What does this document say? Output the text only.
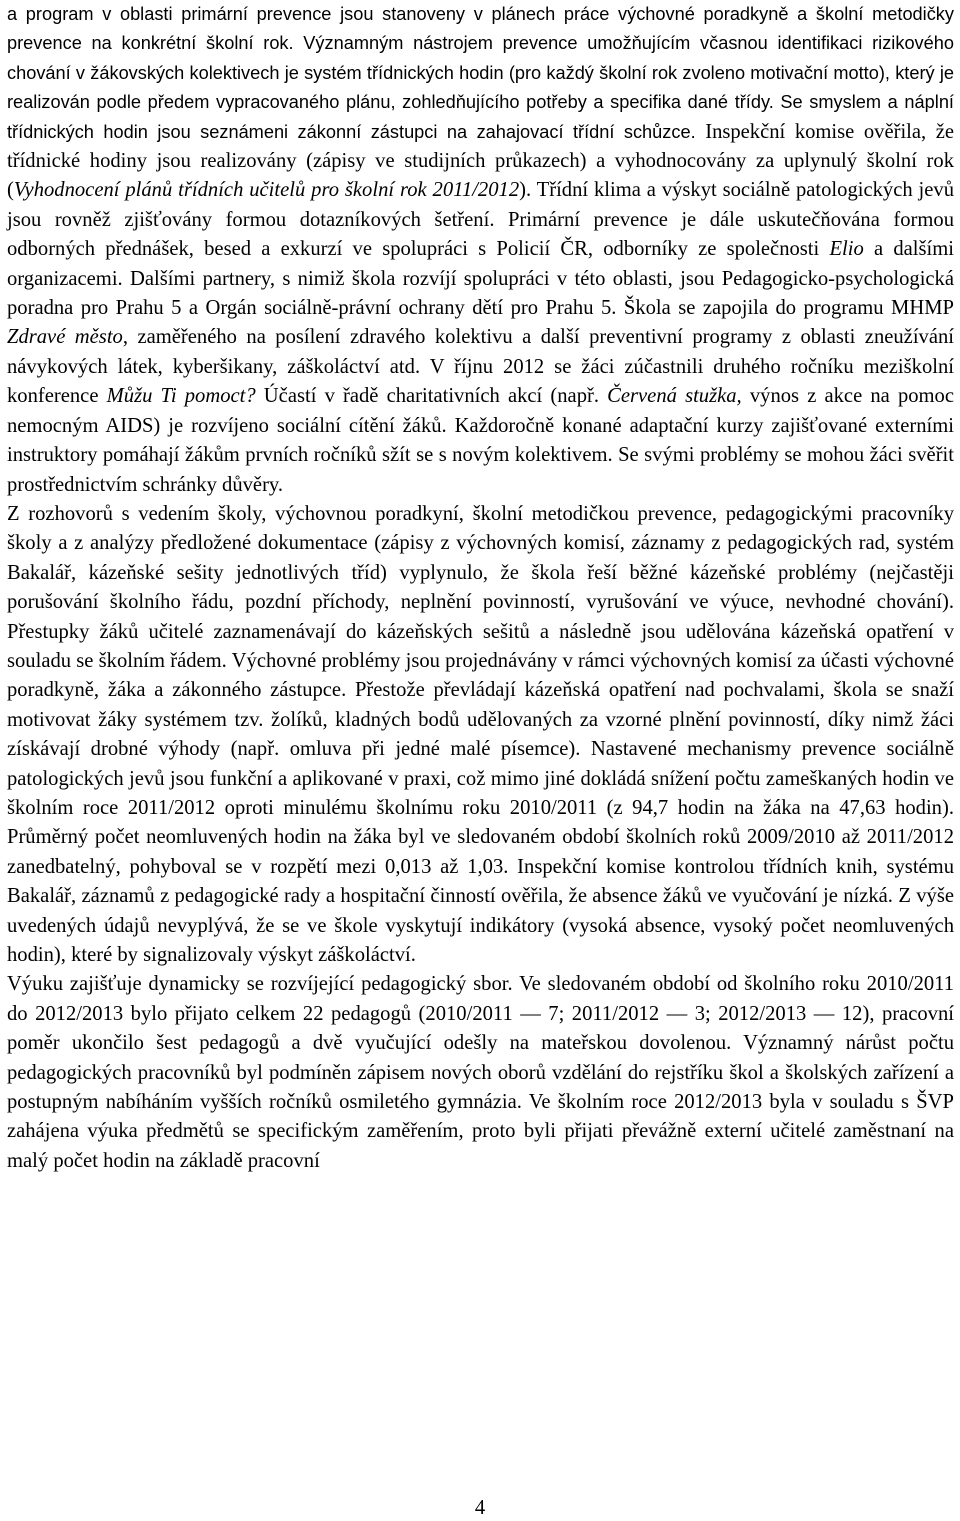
a program v oblasti primární prevence jsou stanoveny v plánech práce výchovné poradkyně a školní metodičky prevence na konkrétní školní rok. Významným nástrojem prevence umožňujícím včasnou identifikaci rizikového chování v žákovských kolektivech je systém třídnických hodin (pro každý školní rok zvoleno motivační motto), který je realizován podle předem vypracovaného plánu, zohledňujícího potřeby a specifika dané třídy. Se smyslem a náplní třídnických hodin jsou seznámeni zákonní zástupci na zahajovací třídní schůzce. Inspekční komise ověřila, že třídnické hodiny jsou realizovány (zápisy ve studijních průkazech) a vyhodnocovány za uplynulý školní rok (Vyhodnocení plánů třídních učitelů pro školní rok 2011/2012). Třídní klima a výskyt sociálně patologických jevů jsou rovněž zjišťovány formou dotazníkových šetření. Primární prevence je dále uskutečňována formou odborných přednášek, besed a exkurzí ve spolupráci s Policií ČR, odborníky ze společnosti Elio a dalšími organizacemi. Dalšími partnery, s nimiž škola rozvíjí spolupráci v této oblasti, jsou Pedagogicko-psychologická poradna pro Prahu 5 a Orgán sociálně-právní ochrany dětí pro Prahu 5. Škola se zapojila do programu MHMP Zdravé město, zaměřeného na posílení zdravého kolektivu a další preventivní programy z oblasti zneužívání návykových látek, kyberšikany, záškoláctví atd. V říjnu 2012 se žáci zúčastnili druhého ročníku meziškolní konference Můžu Ti pomoct? Účastí v řadě charitativních akcí (např. Červená stužka, výnos z akce na pomoc nemocným AIDS) je rozvíjeno sociální cítění žáků. Každoročně konané adaptační kurzy zajišťované externími instruktory pomáhají žákům prvních ročníků sžít se s novým kolektivem. Se svými problémy se mohou žáci svěřit prostřednictvím schránky důvěry.

Z rozhovorů s vedením školy, výchovnou poradkyní, školní metodičkou prevence, pedagogickými pracovníky školy a z analýzy předložené dokumentace (zápisy z výchovných komisí, záznamy z pedagogických rad, systém Bakalář, kázeňské sešity jednotlivých tříd) vyplynulo, že škola řeší běžné kázeňské problémy (nejčastěji porušování školního řádu, pozdní příchody, neplnění povinností, vyrušování ve výuce, nevhodné chování). Přestupky žáků učitelé zaznamenávají do kázeňských sešitů a následně jsou udělována kázeňská opatření v souladu se školním řádem. Výchovné problémy jsou projednávány v rámci výchovných komisí za účasti výchovné poradkyně, žáka a zákonného zástupce. Přestože převládají kázeňská opatření nad pochvalami, škola se snaží motivovat žáky systémem tzv. žolíků, kladných bodů udělovaných za vzorné plnění povinností, díky nimž žáci získávají drobné výhody (např. omluva při jedné malé písemce). Nastavené mechanismy prevence sociálně patologických jevů jsou funkční a aplikované v praxi, což mimo jiné dokládá snížení počtu zameškaných hodin ve školním roce 2011/2012 oproti minulému školnímu roku 2010/2011 (z 94,7 hodin na žáka na 47,63 hodin). Průměrný počet neomluvených hodin na žáka byl ve sledovaném období školních roků 2009/2010 až 2011/2012 zanedbatelný, pohyboval se v rozpětí mezi 0,013 až 1,03. Inspekční komise kontrolou třídních knih, systému Bakalář, záznamů z pedagogické rady a hospitační činností ověřila, že absence žáků ve vyučování je nízká. Z výše uvedených údajů nevyplývá, že se ve škole vyskytují indikátory (vysoká absence, vysoký počet neomluvených hodin), které by signalizovaly výskyt záškoláctví.

Výuku zajišťuje dynamicky se rozvíjející pedagogický sbor. Ve sledovaném období od školního roku 2010/2011 do 2012/2013 bylo přijato celkem 22 pedagogů (2010/2011 — 7; 2011/2012 — 3; 2012/2013 — 12), pracovní poměr ukončilo šest pedagogů a dvě vyučující odešly na mateřskou dovolenou. Významný nárůst počtu pedagogických pracovníků byl podmíněn zápisem nových oborů vzdělání do rejstříku škol a školských zařízení a postupným nabíháním vyšších ročníků osmiletého gymnázia. Ve školním roce 2012/2013 byla v souladu s ŠVP zahájena výuka předmětů se specifickým zaměřením, proto byli přijati převážně externí učitelé zaměstnaní na malý počet hodin na základě pracovní

4
